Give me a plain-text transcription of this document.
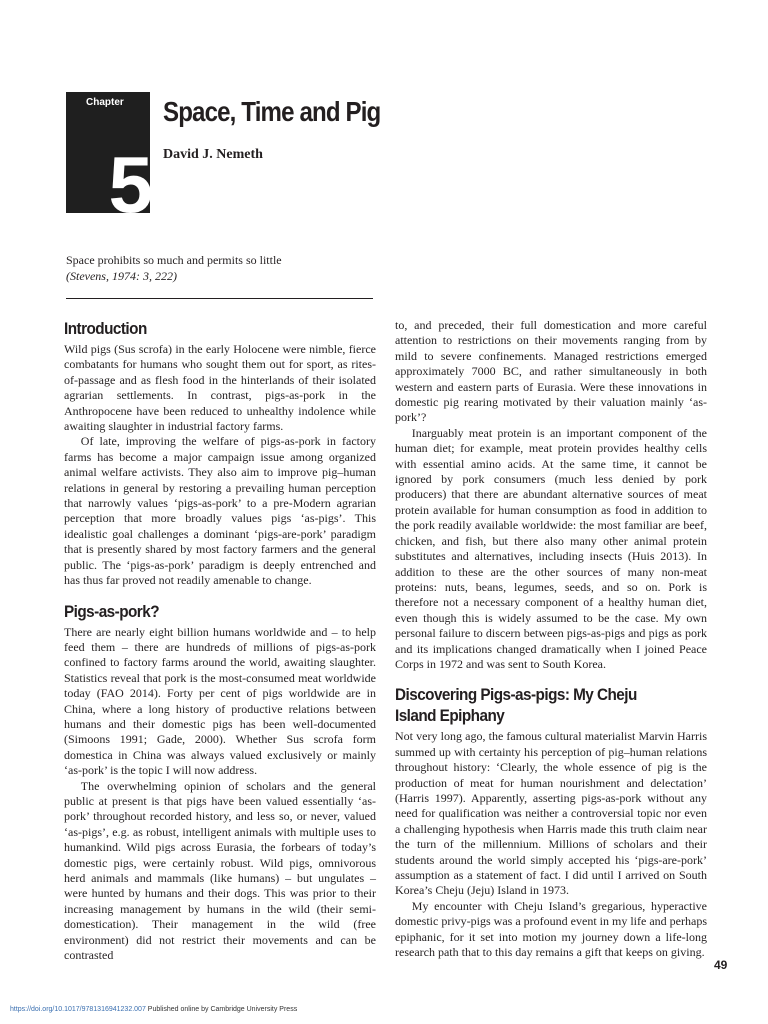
Chapter
5
Space, Time and Pig
David J. Nemeth
Space prohibits so much and permits so little
(Stevens, 1974: 3, 222)
Introduction

Wild pigs (Sus scrofa) in the early Holocene were nimble, fierce combatants for humans who sought them out for sport, as rites-of-passage and as flesh food in the hinterlands of their isolated agrarian settlements. In contrast, pigs-as-pork in the Anthropocene have been reduced to unhealthy indolence while awaiting slaughter in industrial factory farms.

Of late, improving the welfare of pigs-as-pork in factory farms has become a major campaign issue among organized animal welfare activists. They also aim to improve pig–human relations in general by restoring a prevailing human perception that narrowly values ‘pigs-as-pork’ to a pre-Modern agrarian perception that more broadly values pigs ‘as-pigs’. This idealistic goal challenges a dominant ‘pigs-are-pork’ paradigm that is presently shared by most factory farmers and the general public. The ‘pigs-as-pork’ paradigm is deeply entrenched and has thus far proved not readily amenable to change.

Pigs-as-pork?

There are nearly eight billion humans worldwide and – to help feed them – there are hundreds of millions of pigs-as-pork confined to factory farms around the world, awaiting slaughter. Statistics reveal that pork is the most-consumed meat worldwide today (FAO 2014). Forty per cent of pigs worldwide are in China, where a long history of productive relations between humans and their domestic pigs has been well-documented (Simoons 1991; Gade, 2000). Whether Sus scrofa form domestica in China was always valued exclusively or mainly ‘as-pork’ is the topic I will now address.

The overwhelming opinion of scholars and the general public at present is that pigs have been valued essentially ‘as-pork’ throughout recorded history, and less so, or never, valued ‘as-pigs’, e.g. as robust, intelligent animals with multiple uses to humankind. Wild pigs across Eurasia, the forbears of today’s domestic pigs, were certainly robust. Wild pigs, omnivorous herd animals and mammals (like humans) – but ungulates – were hunted by humans and their dogs. This was prior to their increasing management by humans in the wild (their semi-domestication). Their management in the wild (free environment) did not restrict their movements and can be contrasted

to, and preceded, their full domestication and more careful attention to restrictions on their movements ranging from by mild to severe confinements. Managed restrictions emerged approximately 7000 BC, and rather simultaneously in both western and eastern parts of Eurasia. Were these innovations in domestic pig rearing motivated by their valuation mainly ‘as-pork’?

Inarguably meat protein is an important component of the human diet; for example, meat protein provides healthy cells with essential amino acids. At the same time, it cannot be ignored by pork consumers (much less denied by pork producers) that there are abundant alternative sources of meat protein available for human consumption as food in addition to the pork readily available worldwide: the most familiar are beef, chicken, and fish, but there also many other animal protein substitutes and alternatives, including insects (Huis 2013). In addition to these are the other sources of many non-meat proteins: nuts, beans, legumes, seeds, and so on. Pork is therefore not a necessary component of a healthy human diet, even though this is widely assumed to be the case. My own personal failure to discern between pigs-as-pigs and pigs as pork and its implications changed dramatically when I joined Peace Corps in 1972 and was sent to South Korea.

Discovering Pigs-as-pigs: My Cheju
Island Epiphany

Not very long ago, the famous cultural materialist Marvin Harris summed up with certainty his perception of pig–human relations throughout history: ‘Clearly, the whole essence of pig is the production of meat for human nourishment and delectation’ (Harris 1997). Apparently, asserting pigs-as-pork without any need for qualification was neither a controversial topic nor even a challenging hypothesis when Harris made this truth claim near the turn of the millennium. Millions of scholars and their students around the world simply accepted his ‘pigs-are-pork’ assumption as a statement of fact. I did until I arrived on South Korea’s Cheju (Jeju) Island in 1973.

My encounter with Cheju Island’s gregarious, hyperactive domestic privy-pigs was a profound event in my life and perhaps epiphanic, for it set into motion my journey down a life-long research path that to this day remains a gift that keeps on giving.

49
https://doi.org/10.1017/9781316941232.007 Published online by Cambridge University Press
